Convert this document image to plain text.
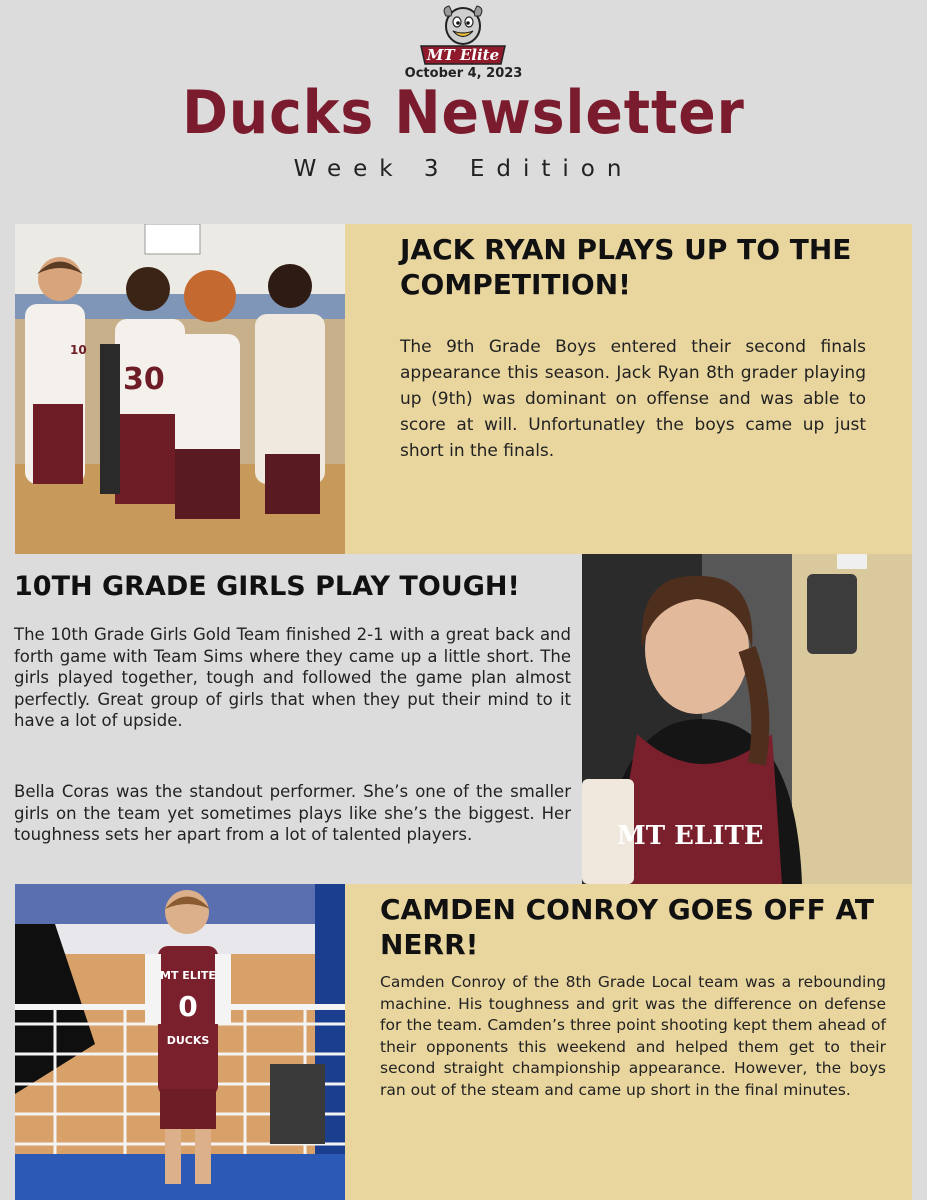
MT Elite
October 4, 2023
Ducks Newsletter
Week 3 Edition
30
10
JACK RYAN PLAYS UP TO THE COMPETITION!

The 9th Grade Boys entered their second finals appearance this season. Jack Ryan 8th grader playing up (9th) was dominant on offense and was able to score at will. Unfortunatley the boys came up just short in the finals.

MT ELITE
10TH GRADE GIRLS PLAY TOUGH!

The 10th Grade Girls Gold Team finished 2-1 with a great back and forth game with Team Sims where they came up a little short. The girls played together, tough and followed the game plan almost perfectly. Great group of girls that when they put their mind to it have a lot of upside.

Bella Coras was the standout performer. She’s one of the smaller girls on the team yet sometimes plays like she’s the biggest. Her toughness sets her apart from a lot of talented players.

MT ELITE
0
DUCKS
CAMDEN CONROY GOES OFF AT NERR!

Camden Conroy of the 8th Grade Local team was a rebounding machine. His toughness and grit was the difference on defense for the team. Camden’s three point shooting kept them ahead of their opponents this weekend and helped them get to their second straight championship appearance. However, the boys ran out of the steam and came up short in the final minutes.
